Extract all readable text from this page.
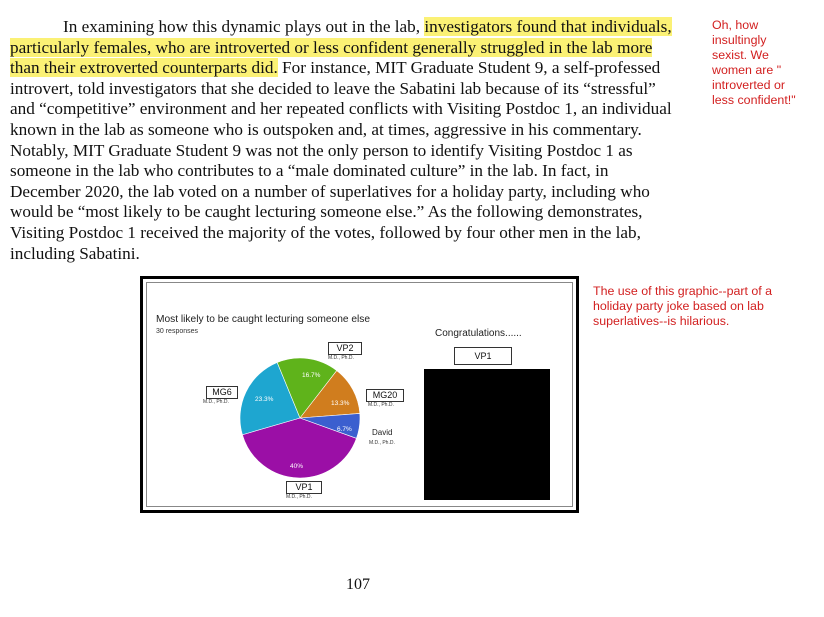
In examining how this dynamic plays out in the lab, investigators found that individuals,
particularly females, who are introverted or less confident generally struggled in the lab more
than their extroverted counterparts did. For instance, MIT Graduate Student 9, a self-professed
introvert, told investigators that she decided to leave the Sabatini lab because of its “stressful”
and “competitive” environment and her repeated conflicts with Visiting Postdoc 1, an individual
known in the lab as someone who is outspoken and, at times, aggressive in his commentary.
Notably, MIT Graduate Student 9 was not the only person to identify Visiting Postdoc 1 as
someone in the lab who contributes to a “male dominated culture” in the lab. In fact, in
December 2020, the lab voted on a number of superlatives for a holiday party, including who
would be “most likely to be caught lecturing someone else.” As the following demonstrates,
Visiting Postdoc 1 received the majority of the votes, followed by four other men in the lab,
including Sabatini.
Oh, how
insultingly
sexist. We
women are "
introverted or
less confident!"
The use of this graphic--part of a
holiday party joke based on lab
superlatives--is hilarious.
Most likely to be caught lecturing someone else
30 responses
40%
23.3%
16.7%
13.3%
6.7%
VP2
M.D., Ph.D.
MG6
M.D., Ph.D.
MG20
M.D., Ph.D.
David
M.D., Ph.D.
VP1
M.D., Ph.D.
Congratulations......
VP1
107
